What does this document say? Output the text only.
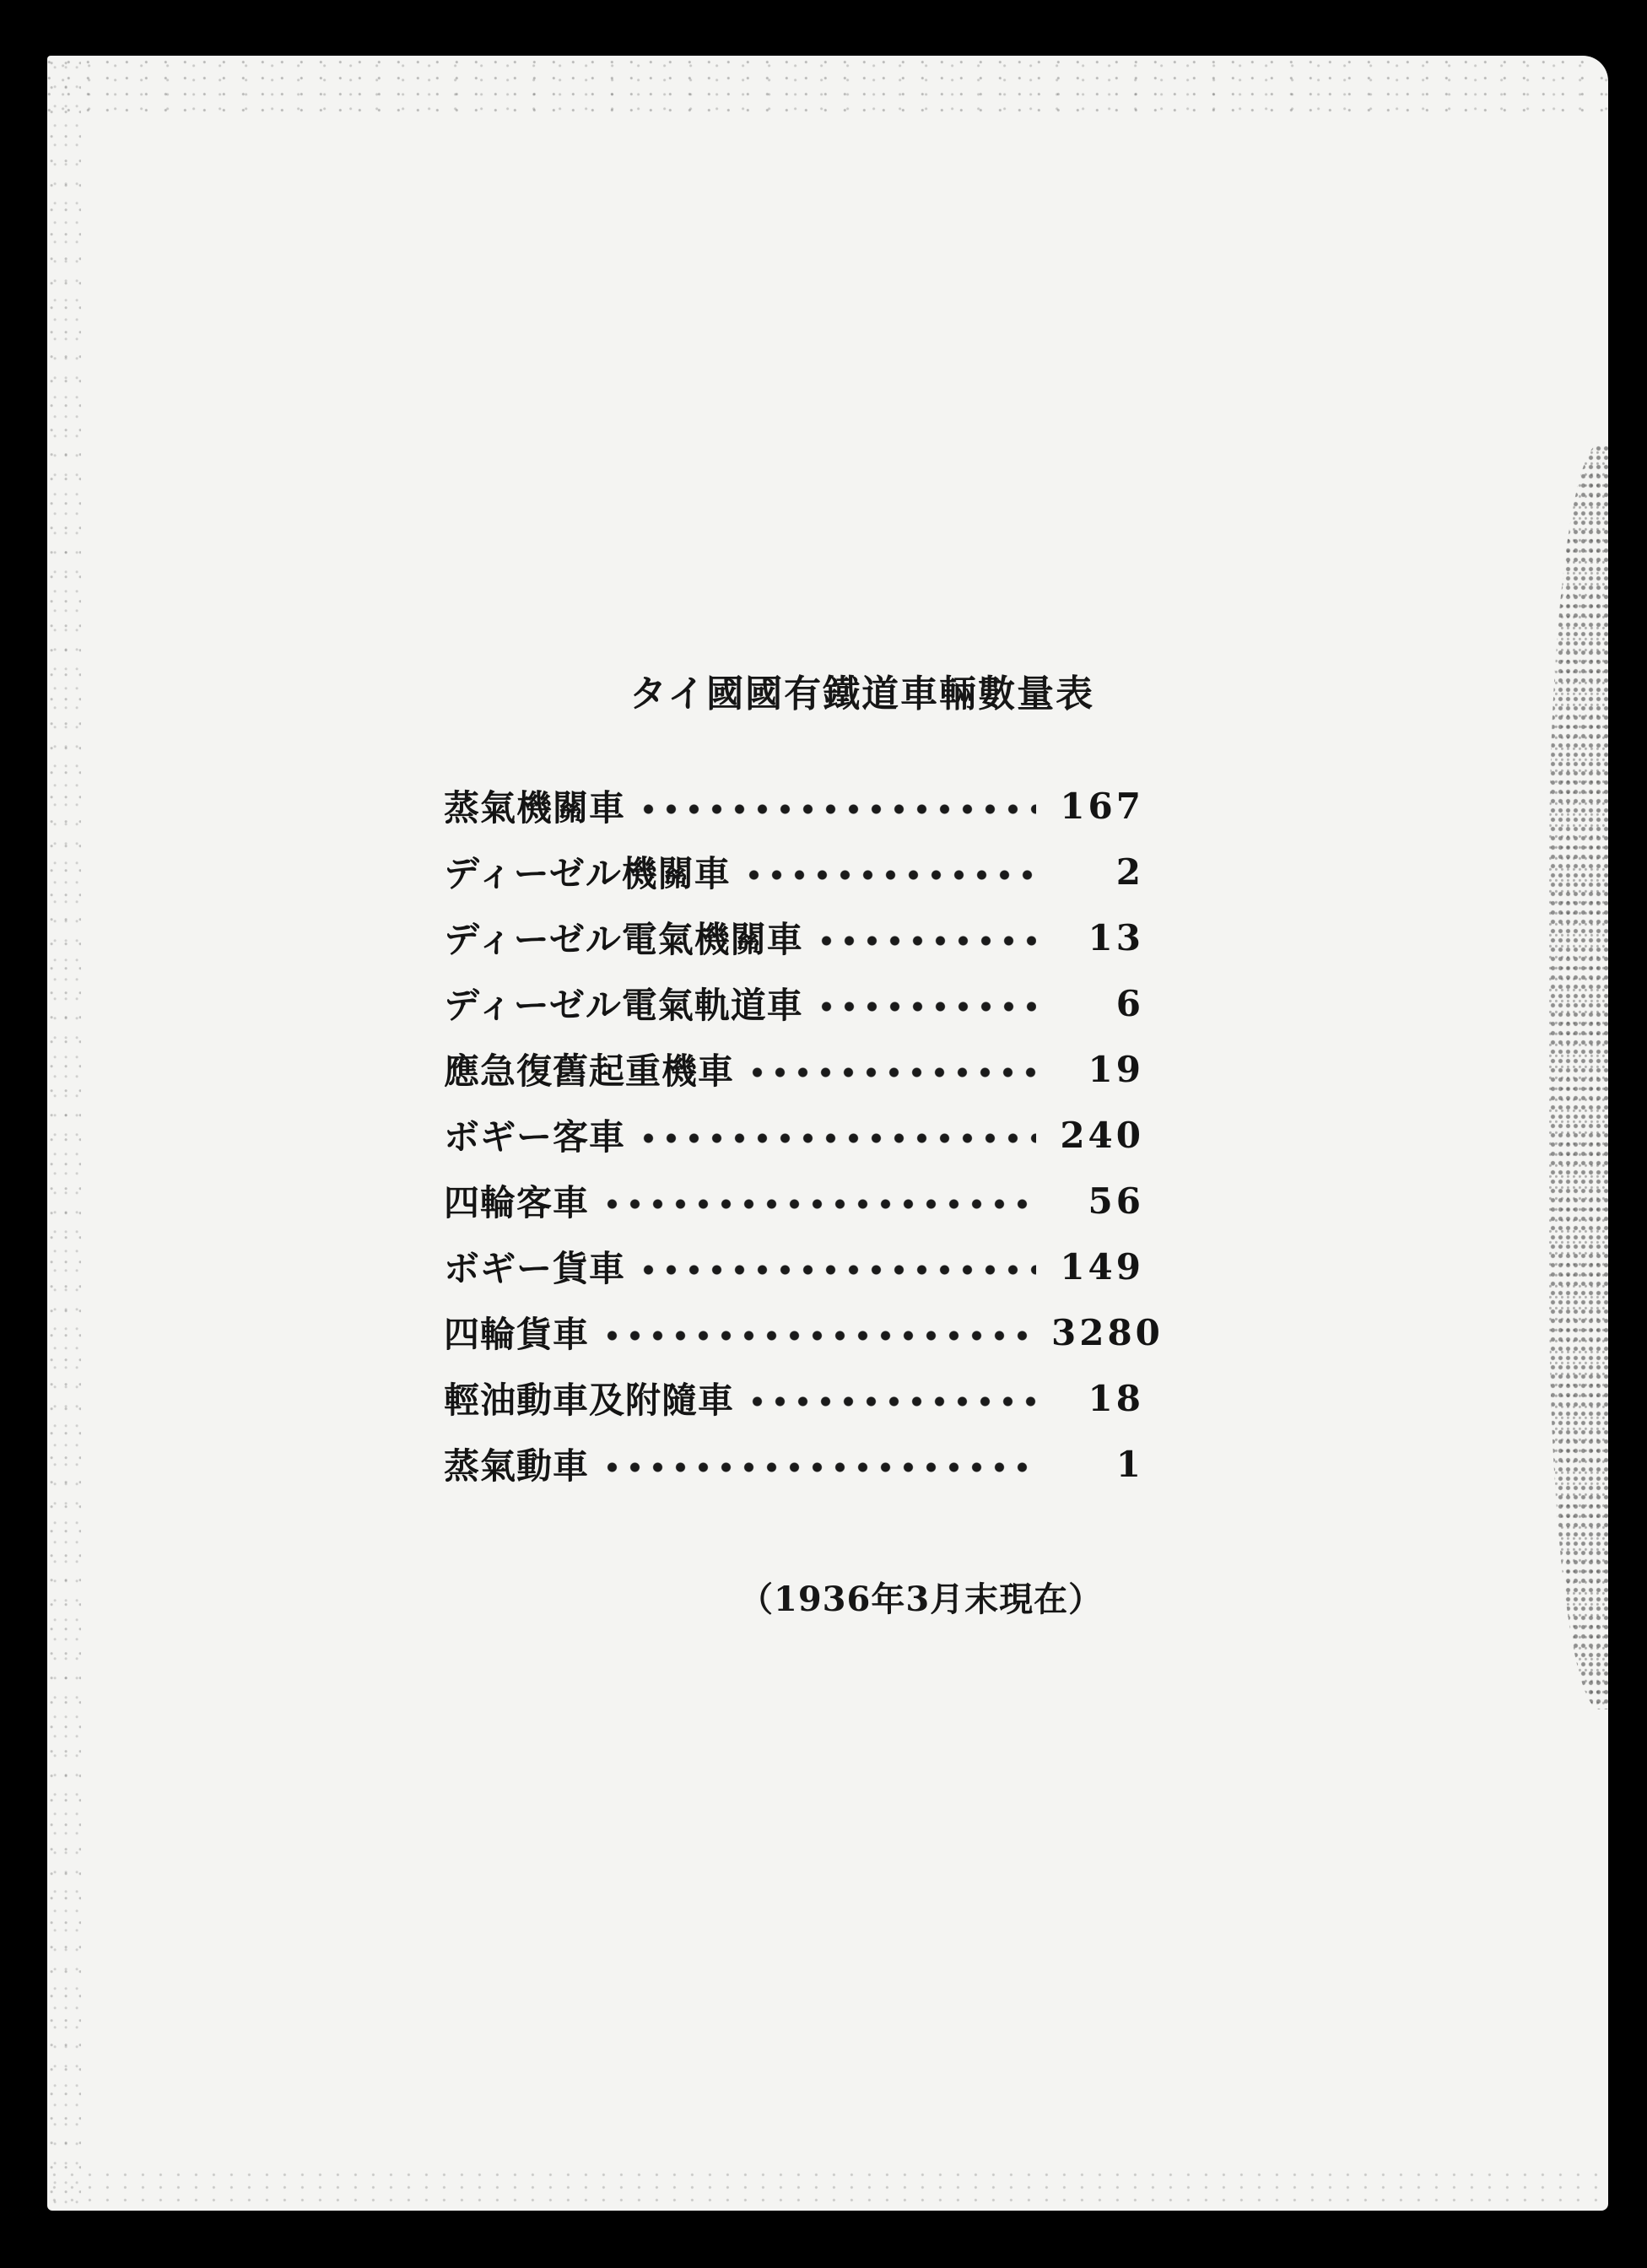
タイ國國有鐵道車輛數量表
蒸氣機關車	167
ディーゼル機關車	2
ディーゼル電氣機關車	13
ディーゼル電氣軌道車	6
應急復舊起重機車	19
ボギー客車	240
四輪客車	56
ボギー貨車	149
四輪貨車	3280
輕油動車及附隨車	18
蒸氣動車	1
（1936年3月末現在）
